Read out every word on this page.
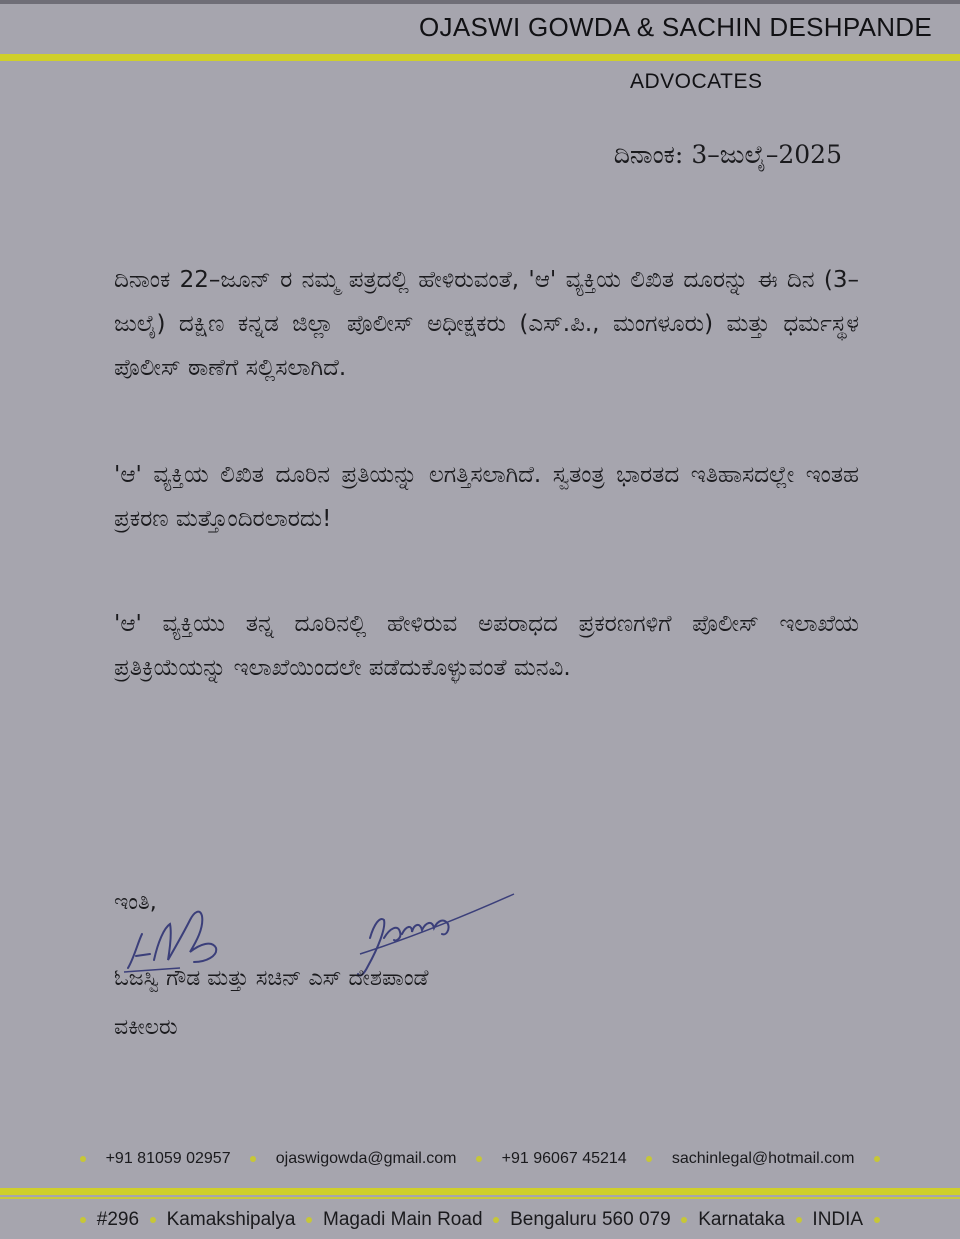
OJASWI GOWDA & SACHIN DESHPANDE
ADVOCATES
ದಿನಾಂಕ: 3–ಜುಲೈ–2025

ದಿನಾಂಕ 22–ಜೂನ್ ರ ನಮ್ಮ ಪತ್ರದಲ್ಲಿ ಹೇಳಿರುವಂತೆ, 'ಆ' ವ್ಯಕ್ತಿಯ ಲಿಖಿತ ದೂರನ್ನು ಈ ದಿನ (3–ಜುಲೈ) ದಕ್ಷಿಣ ಕನ್ನಡ ಜಿಲ್ಲಾ ಪೊಲೀಸ್ ಅಧೀಕ್ಷಕರು (ಎಸ್.ಪಿ., ಮಂಗಳೂರು) ಮತ್ತು ಧರ್ಮಸ್ಥಳ ಪೊಲೀಸ್ ಠಾಣೆಗೆ ಸಲ್ಲಿಸಲಾಗಿದೆ.

'ಆ' ವ್ಯಕ್ತಿಯ ಲಿಖಿತ ದೂರಿನ ಪ್ರತಿಯನ್ನು ಲಗತ್ತಿಸಲಾಗಿದೆ. ಸ್ವತಂತ್ರ ಭಾರತದ ಇತಿಹಾಸದಲ್ಲೇ ಇಂತಹ ಪ್ರಕರಣ ಮತ್ತೊಂದಿರಲಾರದು!

'ಆ' ವ್ಯಕ್ತಿಯು ತನ್ನ ದೂರಿನಲ್ಲಿ ಹೇಳಿರುವ ಅಪರಾಧದ ಪ್ರಕರಣಗಳಿಗೆ ಪೊಲೀಸ್ ಇಲಾಖೆಯ ಪ್ರತಿಕ್ರಿಯೆಯನ್ನು ಇಲಾಖೆಯಿಂದಲೇ ಪಡೆದುಕೊಳ್ಳುವಂತೆ ಮನವಿ.

ಇಂತಿ,
ಓಜಸ್ವಿ ಗೌಡ ಮತ್ತು ಸಚಿನ್ ಎಸ್ ದೇಶಪಾಂಡೆ
ವಕೀಲರು
+91 81059 02957	ojaswigowda@gmail.com	+91 96067 45214	sachinlegal@hotmail.com
#296 Kamakshipalya Magadi Main Road Bengaluru 560 079 Karnataka INDIA
